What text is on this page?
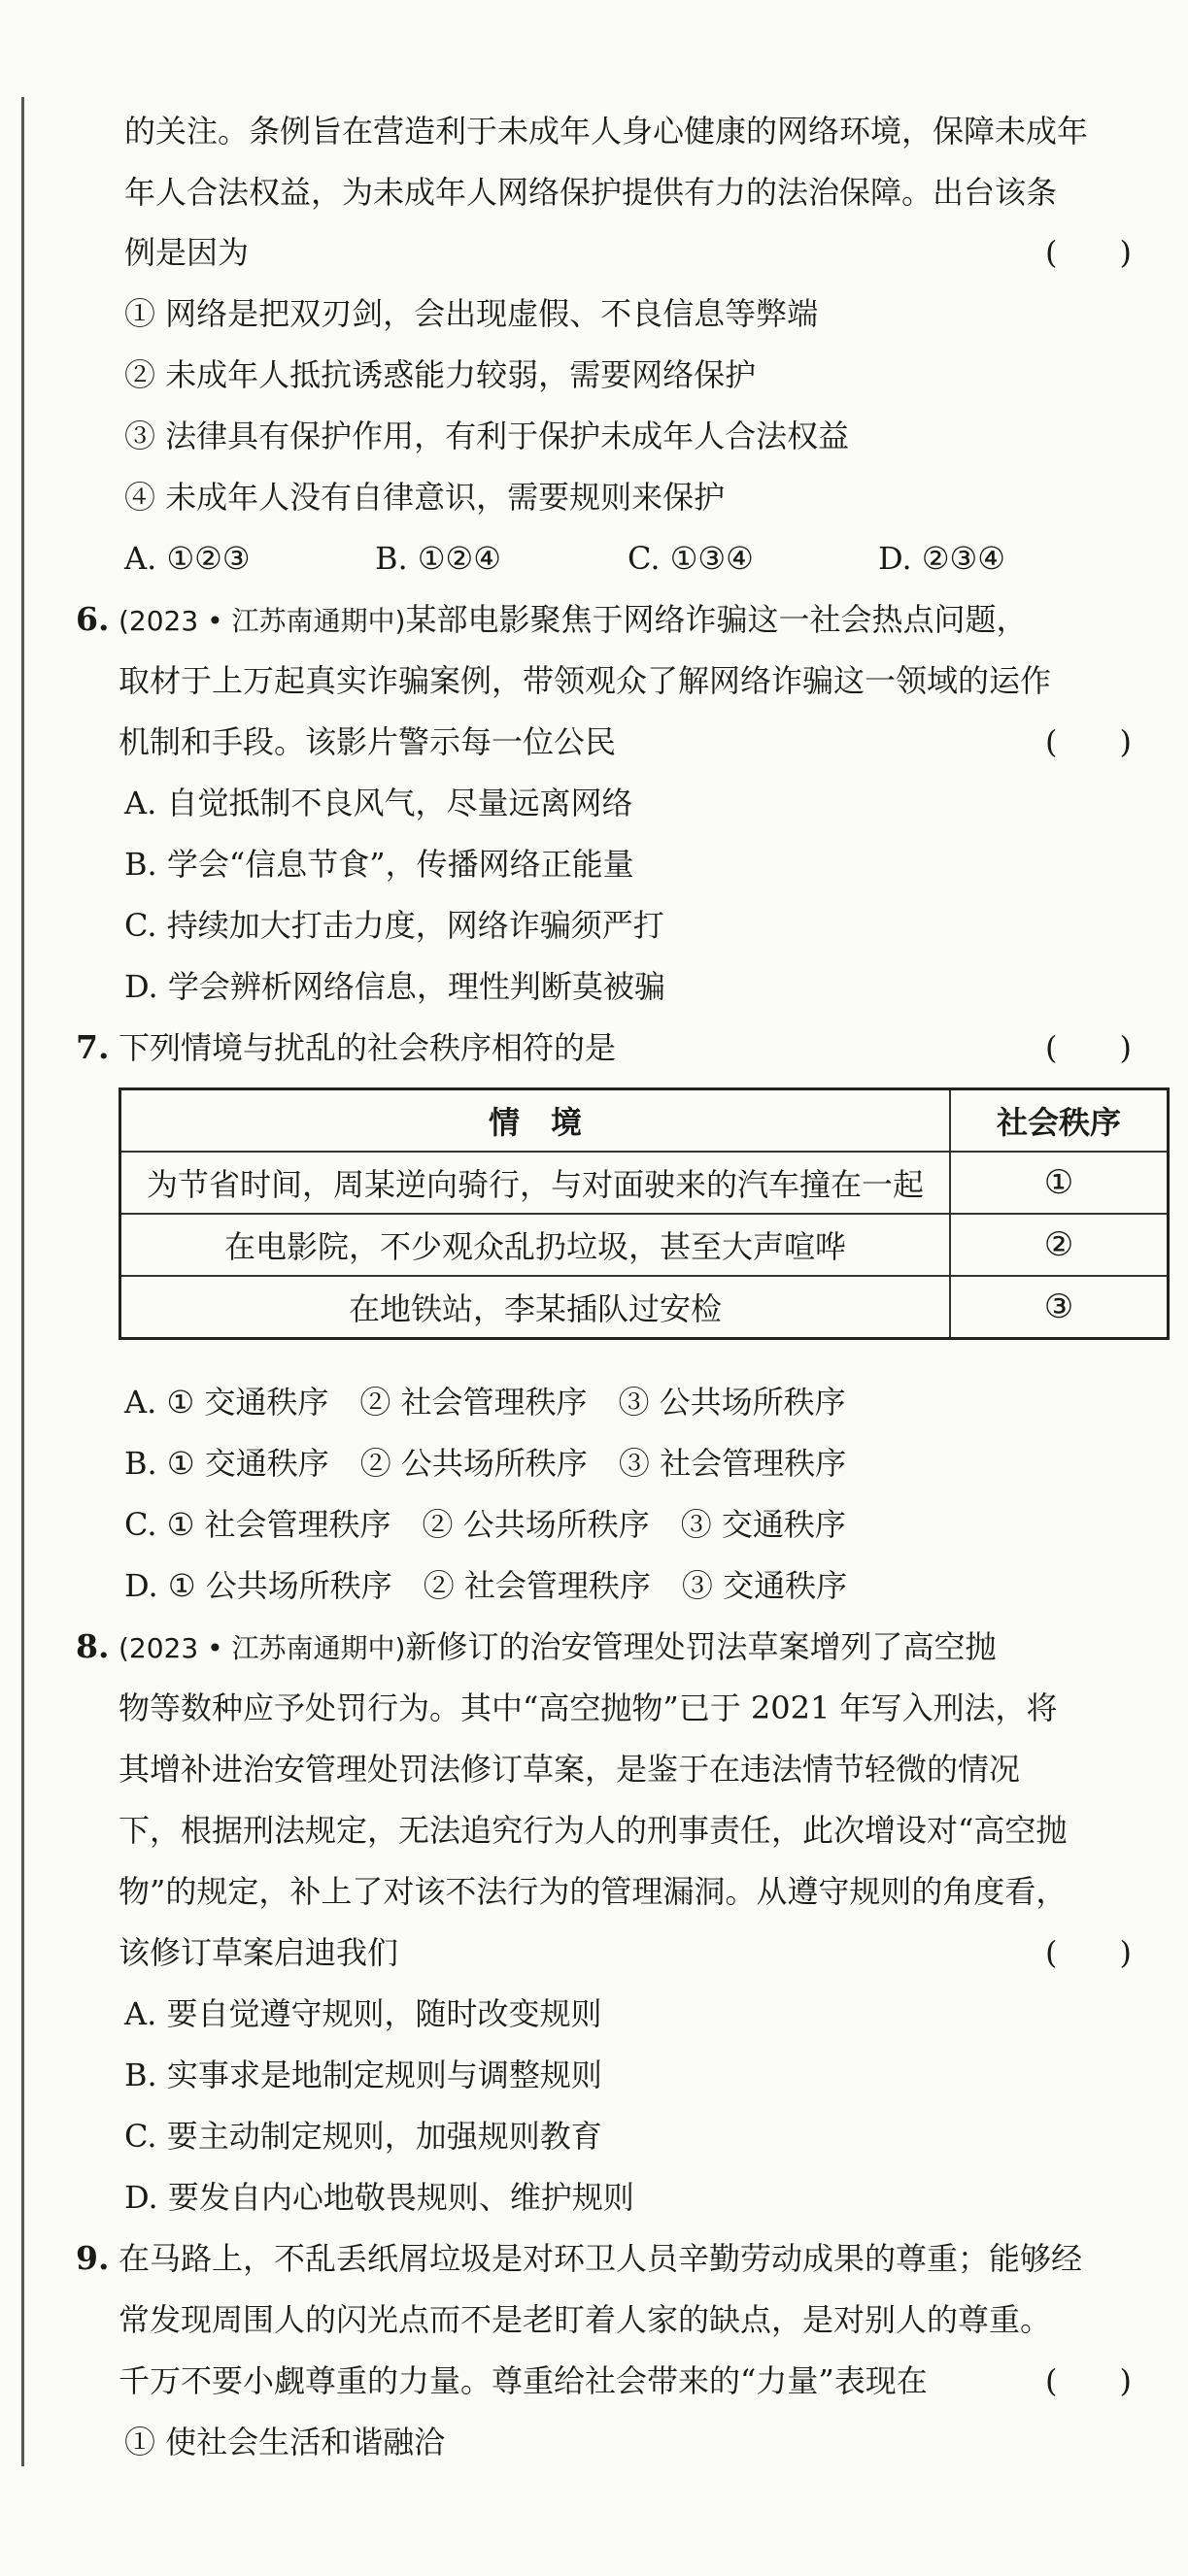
的关注。条例旨在营造利于未成年人身心健康的网络环境，保障未成年
年人合法权益，为未成年人网络保护提供有力的法治保障。出台该条
例是因为	(　　)
① 网络是把双刃剑，会出现虚假、不良信息等弊端
② 未成年人抵抗诱惑能力较弱，需要网络保护
③ 法律具有保护作用，有利于保护未成年人合法权益
④ 未成年人没有自律意识，需要规则来保护
A. ①②③	B. ①②④	C. ①③④	D. ②③④
6. (2023 • 江苏南通期中)某部电影聚焦于网络诈骗这一社会热点问题，
取材于上万起真实诈骗案例，带领观众了解网络诈骗这一领域的运作
机制和手段。该影片警示每一位公民	(　　)
A. 自觉抵制不良风气，尽量远离网络
B. 学会“信息节食”，传播网络正能量
C. 持续加大打击力度，网络诈骗须严打
D. 学会辨析网络信息，理性判断莫被骗
7. 下列情境与扰乱的社会秩序相符的是	(　　)
情　境	社会秩序
为节省时间，周某逆向骑行，与对面驶来的汽车撞在一起	①
在电影院，不少观众乱扔垃圾，甚至大声喧哗	②
在地铁站，李某插队过安检	③
A. ① 交通秩序　② 社会管理秩序　③ 公共场所秩序
B. ① 交通秩序　② 公共场所秩序　③ 社会管理秩序
C. ① 社会管理秩序　② 公共场所秩序　③ 交通秩序
D. ① 公共场所秩序　② 社会管理秩序　③ 交通秩序
8. (2023 • 江苏南通期中)新修订的治安管理处罚法草案增列了高空抛
物等数种应予处罚行为。其中“高空抛物”已于 2021 年写入刑法，将
其增补进治安管理处罚法修订草案，是鉴于在违法情节轻微的情况
下，根据刑法规定，无法追究行为人的刑事责任，此次增设对“高空抛
物”的规定，补上了对该不法行为的管理漏洞。从遵守规则的角度看，
该修订草案启迪我们	(　　)
A. 要自觉遵守规则，随时改变规则
B. 实事求是地制定规则与调整规则
C. 要主动制定规则，加强规则教育
D. 要发自内心地敬畏规则、维护规则
9. 在马路上，不乱丢纸屑垃圾是对环卫人员辛勤劳动成果的尊重；能够经
常发现周围人的闪光点而不是老盯着人家的缺点，是对别人的尊重。
千万不要小觑尊重的力量。尊重给社会带来的“力量”表现在	(　　)
① 使社会生活和谐融洽
